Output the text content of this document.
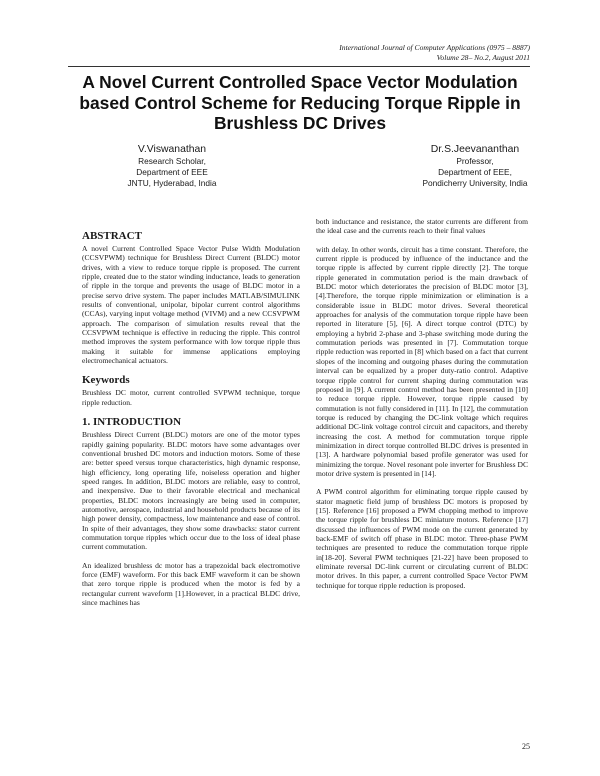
International Journal of Computer Applications (0975 – 8887)
Volume 28– No.2, August 2011
A Novel Current Controlled Space Vector Modulation based Control Scheme for Reducing Torque Ripple in Brushless DC Drives
V.Viswanathan
Research Scholar,
Department of EEE
JNTU, Hyderabad, India
Dr.S.Jeevananthan
Professor,
Department of EEE,
Pondicherry University, India
ABSTRACT

A novel Current Controlled Space Vector Pulse Width Modulation (CCSVPWM) technique for Brushless Direct Current (BLDC) motor drives, with a view to reduce torque ripple is proposed. The current ripple, created due to the stator winding inductance, leads to generation of ripple in the torque and prevents the usage of BLDC motor in a precise servo drive system. The paper includes MATLAB/SIMULINK results of conventional, unipolar, bipolar current control algorithms (CCAs), varying input voltage method (VIVM) and a new CCSVPWM approach. The comparison of simulation results reveal that the CCSVPWM technique is effective in reducing the ripple. This control method improves the system performance with low torque ripple thus making it suitable for immense applications employing electromechanical actuators.

Keywords

Brushless DC motor, current controlled SVPWM technique, torque ripple reduction.

1. INTRODUCTION

Brushless Direct Current (BLDC) motors are one of the motor types rapidly gaining popularity. BLDC motors have some advantages over conventional brushed DC motors and induction motors. Some of these are: better speed versus torque characteristics, high dynamic response, high efficiency, long operating life, noiseless operation and higher speed ranges. In addition, BLDC motors are reliable, easy to control, and inexpensive. Due to their favorable electrical and mechanical properties, BLDC motors increasingly are being used in computer, automotive, aerospace, industrial and household products because of its high power density, compactness, low maintenance and ease of control. In spite of their advantages, they show some drawbacks: stator current commutation torque ripples which occur due to the loss of ideal phase current commutation.

An idealized brushless dc motor has a trapezoidal back electromotive force (EMF) waveform. For this back EMF waveform it can be shown that zero torque ripple is produced when the motor is fed by a rectangular current waveform [1].However, in a practical BLDC drive, since machines has

both inductance and resistance, the stator currents are different from the ideal case and the currents reach to their final values

with delay. In other words, circuit has a time constant. Therefore, the current ripple is produced by influence of the inductance and the torque ripple is affected by current ripple directly [2]. The torque ripple generated in commutation period is the main drawback of BLDC motor which deteriorates the precision of BLDC motor [3], [4].Therefore, the torque ripple minimization or elimination is a considerable issue in BLDC motor drives. Several theoretical approaches for analysis of the commutation torque ripple have been reported in literature [5], [6]. A direct torque control (DTC) by employing a hybrid 2-phase and 3-phase switching mode during the commutation periods was presented in [7]. Commutation torque ripple reduction was reported in [8] which based on a fact that current slopes of the incoming and outgoing phases during the commutation interval can be equalized by a proper duty-ratio control. Adaptive torque ripple control for current shaping during commutation was proposed in [9]. A current control method has been presented in [10] to reduce torque ripple. However, torque ripple caused by commutation is not fully considered in [11]. In [12], the commutation torque is reduced by changing the DC-link voltage which requires additional DC-link voltage control circuit and capacitors, and thereby increasing the cost. A method for commutation torque ripple minimization in direct torque controlled BLDC drives is presented in [13]. A hardware polynomial based profile generator was used for minimizing the torque. Novel resonant pole inverter for Brushless DC motor drive system is presented in [14].

A PWM control algorithm for eliminating torque ripple caused by stator magnetic field jump of brushless DC motors is proposed by [15]. Reference [16] proposed a PWM chopping method to improve the torque ripple for brushless DC miniature motors. Reference [17] discussed the influences of PWM mode on the current generated by back-EMF of switch off phase in BLDC motor. Three-phase PWM techniques are presented to reduce the commutation torque ripple in[18-20]. Several PWM techniques [21-22] have been proposed to eliminate reversal DC-link current or circulating current of BLDC motor drives. In this paper, a current controlled Space Vector PWM technique for torque ripple reduction is proposed.

25
